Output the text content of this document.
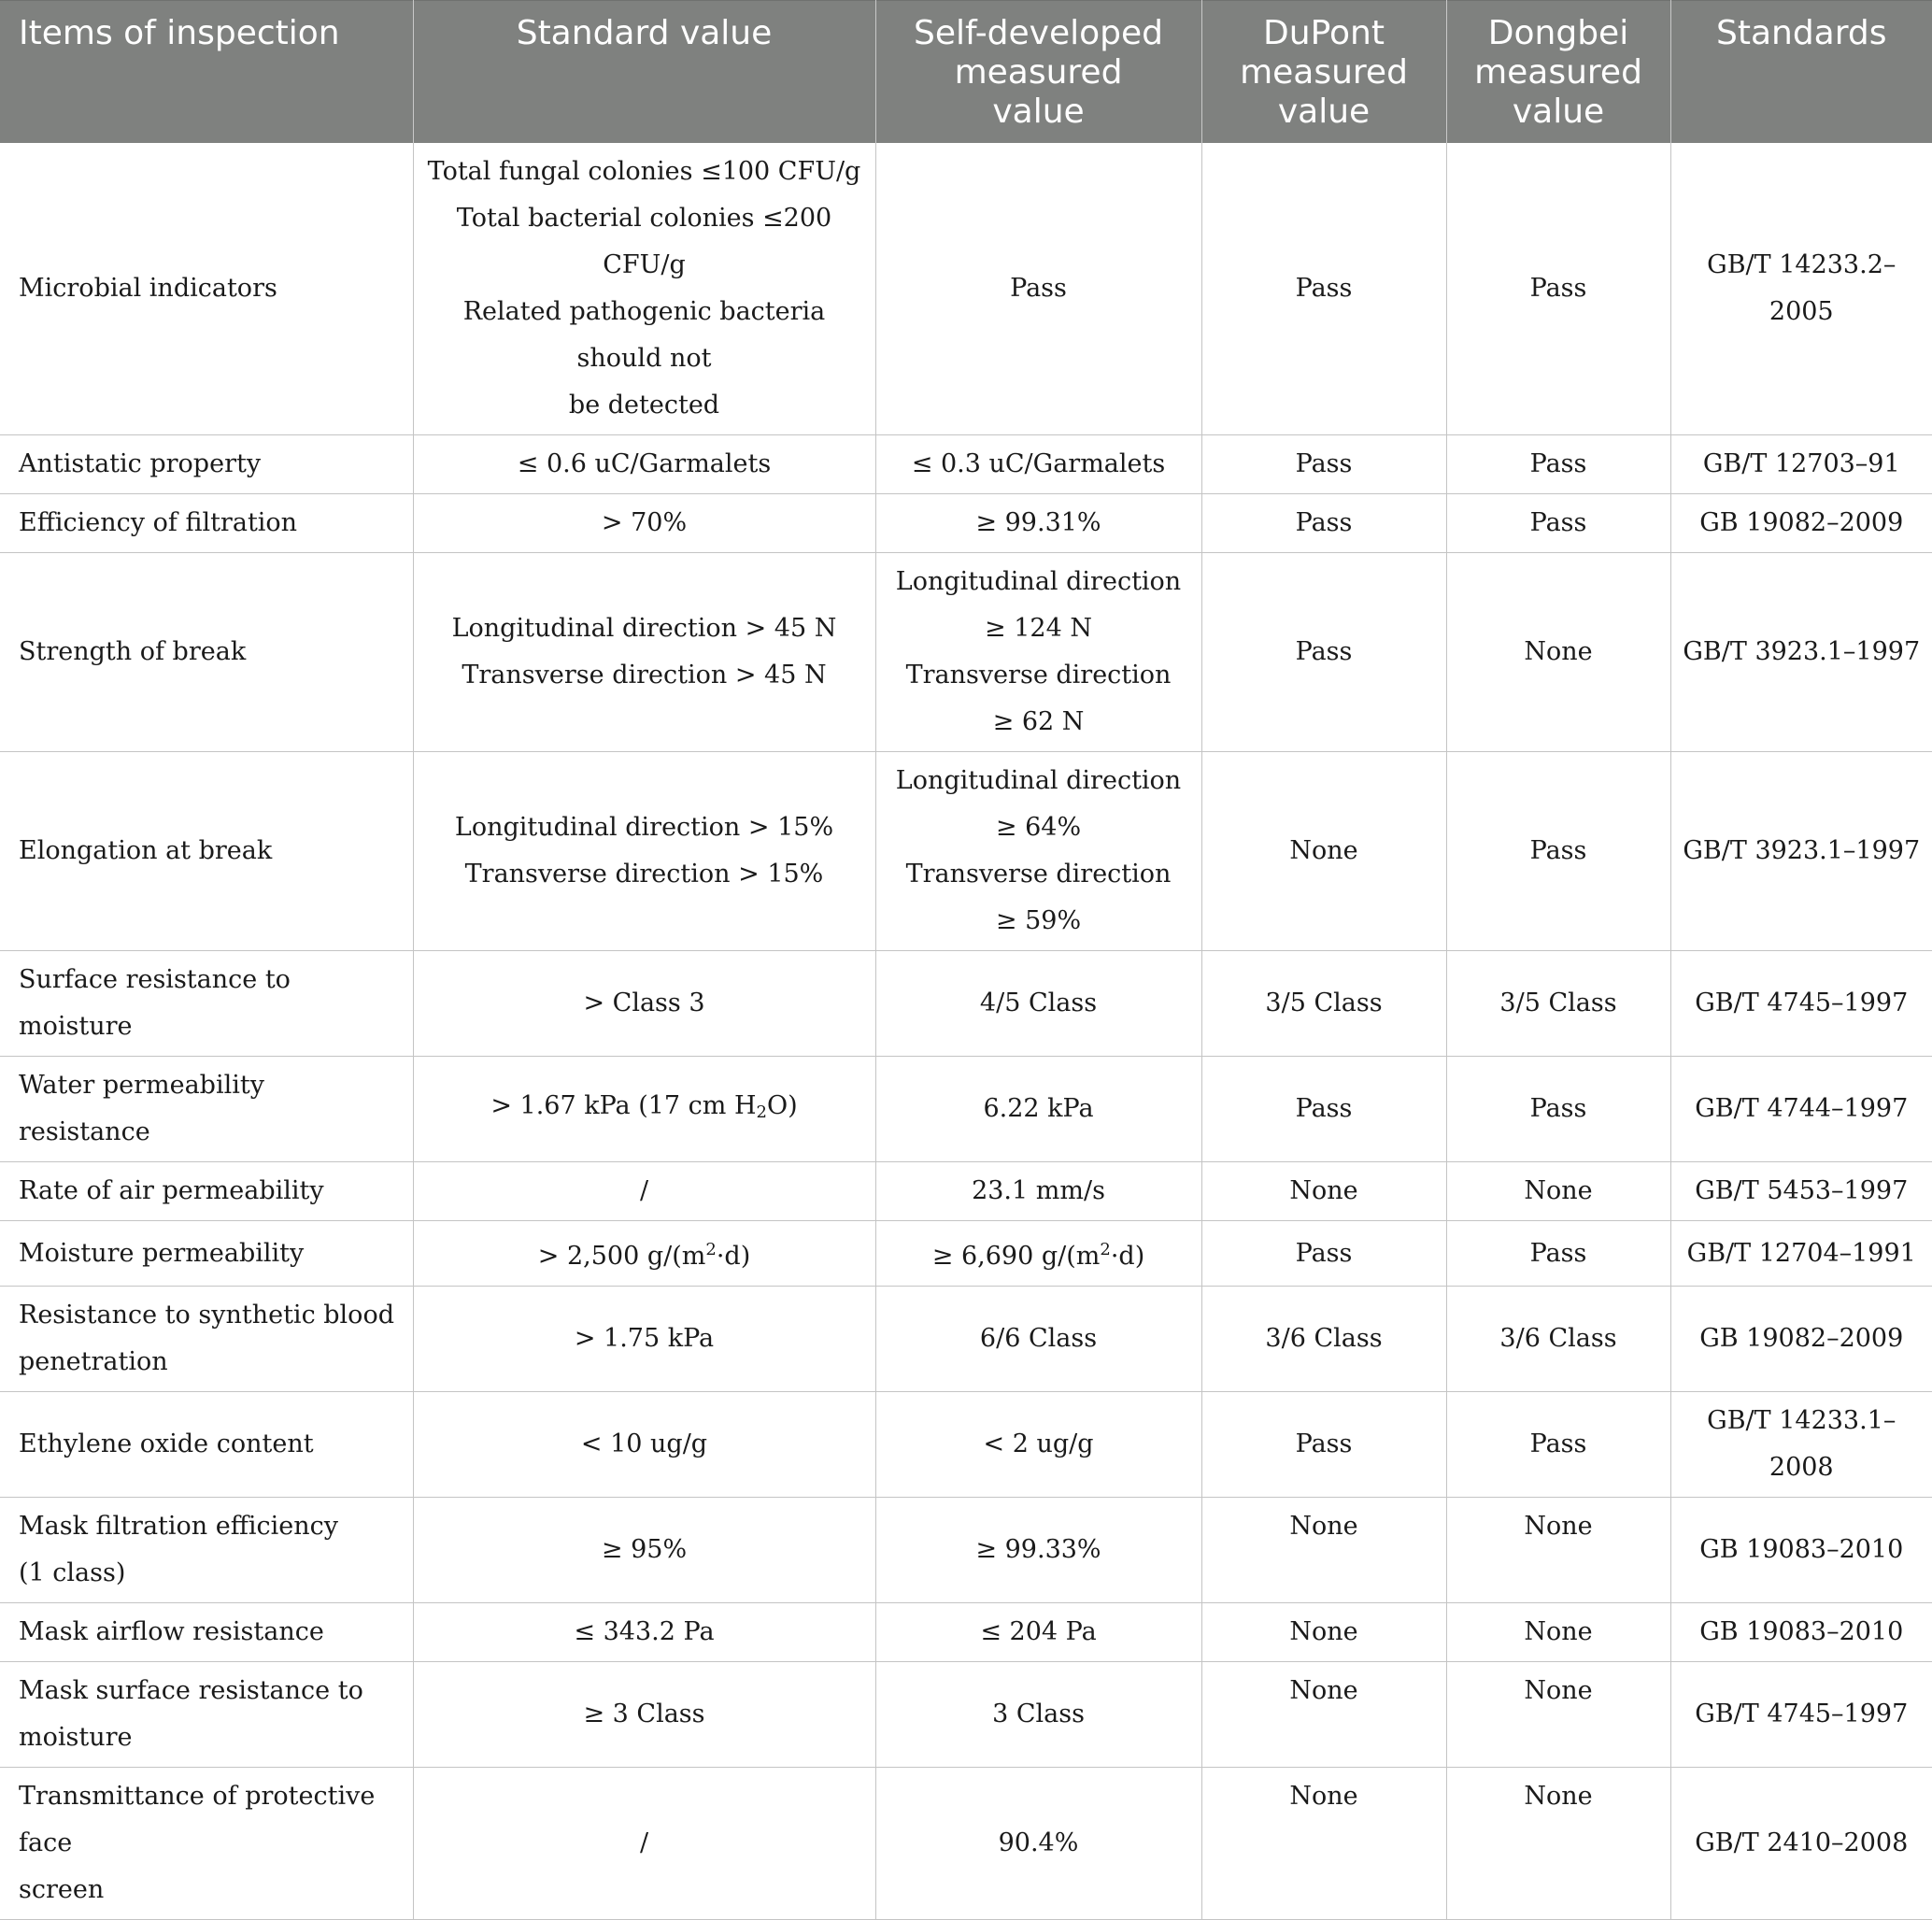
Items of inspection	Standard value	Self-developed measured value	DuPont measured value	Dongbei measured value	Standards
Microbial indicators	Total fungal colonies ≤100 CFU/g
Total bacterial colonies ≤200 CFU/g
Related pathogenic bacteria should not
be detected	Pass	Pass	Pass	GB/T 14233.2–2005
Antistatic property	≤ 0.6 uC/Garmalets	≤ 0.3 uC/Garmalets	Pass	Pass	GB/T 12703–91
Efficiency of filtration	> 70%	≥ 99.31%	Pass	Pass	GB 19082–2009
Strength of break	Longitudinal direction > 45 N
Transverse direction > 45 N	Longitudinal direction
≥ 124 N
Transverse direction
≥ 62 N	Pass	None	GB/T 3923.1–1997
Elongation at break	Longitudinal direction > 15%
Transverse direction > 15%	Longitudinal direction
≥ 64%
Transverse direction
≥ 59%	None	Pass	GB/T 3923.1–1997
Surface resistance to moisture	> Class 3	4/5 Class	3/5 Class	3/5 Class	GB/T 4745–1997
Water permeability resistance	> 1.67 kPa (17 cm $H_2O$)	6.22 kPa	Pass	Pass	GB/T 4744–1997
Rate of air permeability	/	23.1 mm/s	None	None	GB/T 5453–1997
Moisture permeability	> 2,500 $g/(m^2\cdot d)$	≥ 6,690 $g/(m^2\cdot d)$	Pass	Pass	GB/T 12704–1991

Resistance to synthetic blood
penetration	> 1.75 kPa	6/6 Class	3/6 Class	3/6 Class	GB 19082–2009
Ethylene oxide content	< 10 ug/g	< 2 ug/g	Pass	Pass	GB/T 14233.1–2008

Mask filtration efficiency
(1 class)	≥ 95%	≥ 99.33%	None	None	GB 19083–2010
Mask airflow resistance	≤ 343.2 Pa	≤ 204 Pa	None	None	GB 19083–2010

Mask surface resistance to
moisture	≥ 3 Class	3 Class	None	None	GB/T 4745–1997

Transmittance of protective face
screen	/	90.4%	None	None	GB/T 2410–2008
